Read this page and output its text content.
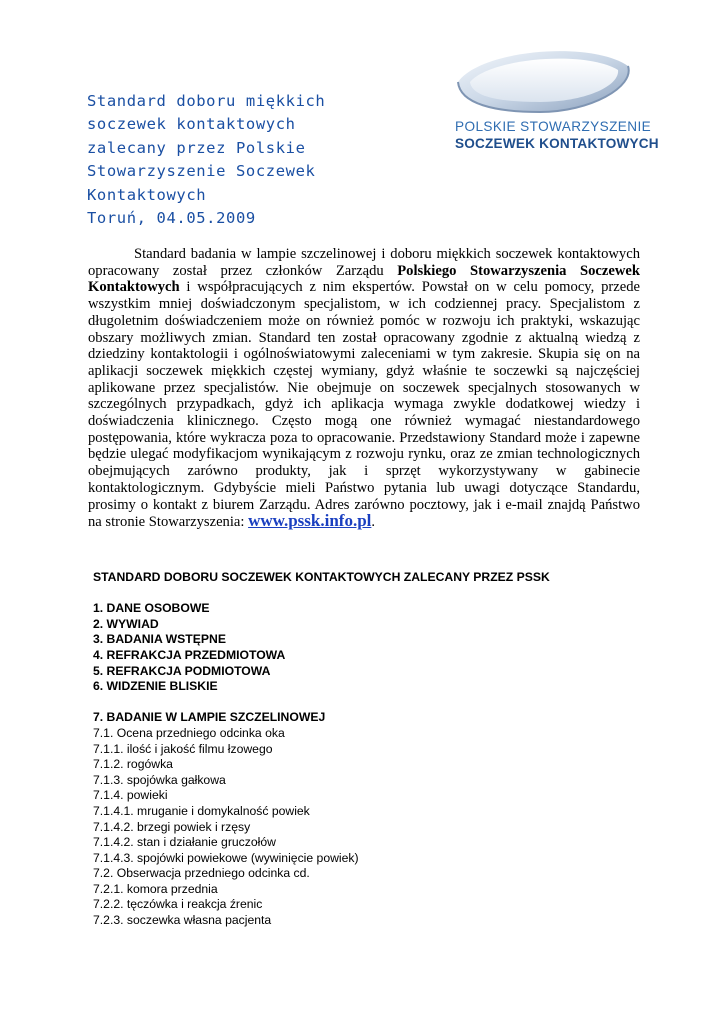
Standard doboru miękkich
soczewek kontaktowych
zalecany przez Polskie
Stowarzyszenie Soczewek
Kontaktowych
Toruń, 04.05.2009
POLSKIE STOWARZYSZENIE
SOCZEWEK KONTAKTOWYCH

Standard badania w lampie szczelinowej i doboru miękkich soczewek kontaktowych opracowany został przez członków Zarządu Polskiego Stowarzyszenia Soczewek Kontaktowych i współpracujących z nim ekspertów. Powstał on w celu pomocy, przede wszystkim mniej doświadczonym specjalistom, w ich codziennej pracy. Specjalistom z długoletnim doświadczeniem może on również pomóc w rozwoju ich praktyki, wskazując obszary możliwych zmian. Standard ten został opracowany zgodnie z aktualną wiedzą z dziedziny kontaktologii i ogólnoświatowymi zaleceniami w tym zakresie. Skupia się on na aplikacji soczewek miękkich częstej wymiany, gdyż właśnie te soczewki są najczęściej aplikowane przez specjalistów. Nie obejmuje on soczewek specjalnych stosowanych w szczególnych przypadkach, gdyż ich aplikacja wymaga zwykle dodatkowej wiedzy i doświadczenia klinicznego. Często mogą one również wymagać niestandardowego postępowania, które wykracza poza to opracowanie. Przedstawiony Standard może i zapewne będzie ulegać modyfikacjom wynikającym z rozwoju rynku, oraz ze zmian technologicznych obejmujących zarówno produkty, jak i sprzęt wykorzystywany w gabinecie kontaktologicznym. Gdybyście mieli Państwo pytania lub uwagi dotyczące Standardu, prosimy o kontakt z biurem Zarządu. Adres zarówno pocztowy, jak i e-mail znajdą Państwo na stronie Stowarzyszenia: www.pssk.info.pl.

STANDARD DOBORU SOCZEWEK KONTAKTOWYCH ZALECANY PRZEZ PSSK
1. DANE OSOBOWE
2. WYWIAD
3. BADANIA WSTĘPNE
4. REFRAKCJA PRZEDMIOTOWA
5. REFRAKCJA PODMIOTOWA
6. WIDZENIE BLISKIE
7. BADANIE W LAMPIE SZCZELINOWEJ
7.1. Ocena przedniego odcinka oka
7.1.1. ilość i jakość filmu łzowego
7.1.2. rogówka
7.1.3. spojówka gałkowa
7.1.4. powieki
7.1.4.1. mruganie i domykalność powiek
7.1.4.2. brzegi powiek i rzęsy
7.1.4.2. stan i działanie gruczołów
7.1.4.3. spojówki powiekowe (wywinięcie powiek)
7.2. Obserwacja przedniego odcinka cd.
7.2.1. komora przednia
7.2.2. tęczówka i reakcja źrenic
7.2.3. soczewka własna pacjenta
